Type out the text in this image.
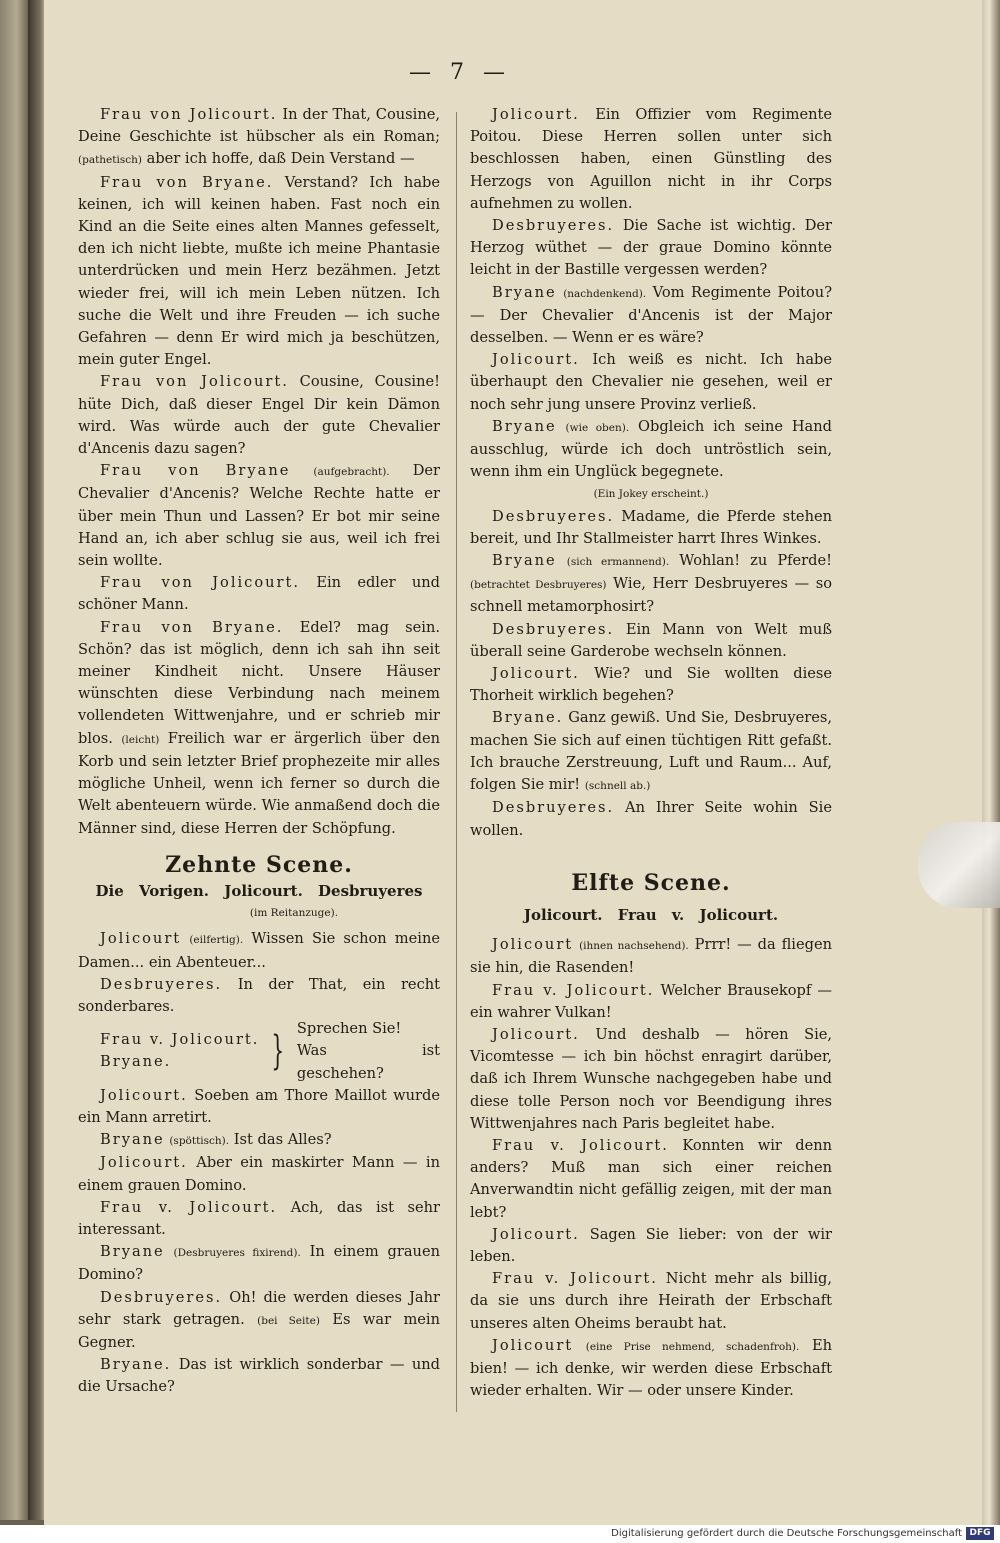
— 7 —

Frau von Jolicourt. In der That, Cousine, Deine Geschichte ist hübscher als ein Roman; (pathetisch) aber ich hoffe, daß Dein Verstand —

Frau von Bryane. Verstand? Ich habe keinen, ich will keinen haben. Fast noch ein Kind an die Seite eines alten Mannes gefesselt, den ich nicht liebte, mußte ich meine Phantasie unterdrücken und mein Herz bezähmen. Jetzt wieder frei, will ich mein Leben nützen. Ich suche die Welt und ihre Freuden — ich suche Gefahren — denn Er wird mich ja beschützen, mein guter Engel.

Frau von Jolicourt. Cousine, Cousine! hüte Dich, daß dieser Engel Dir kein Dämon wird. Was würde auch der gute Chevalier d'Ancenis dazu sagen?

Frau von Bryane (aufgebracht). Der Chevalier d'Ancenis? Welche Rechte hatte er über mein Thun und Lassen? Er bot mir seine Hand an, ich aber schlug sie aus, weil ich frei sein wollte.

Frau von Jolicourt. Ein edler und schöner Mann.

Frau von Bryane. Edel? mag sein. Schön? das ist möglich, denn ich sah ihn seit meiner Kindheit nicht. Unsere Häuser wünschten diese Verbindung nach meinem vollendeten Wittwenjahre, und er schrieb mir blos. (leicht) Freilich war er ärgerlich über den Korb und sein letzter Brief prophezeite mir alles mögliche Unheil, wenn ich ferner so durch die Welt abenteuern würde. Wie anmaßend doch die Männer sind, diese Herren der Schöpfung.

Zehnte Scene.

Die Vorigen. Jolicourt. Desbruyeres

(im Reitanzuge).

Jolicourt (eilfertig). Wissen Sie schon meine Damen... ein Abenteuer...

Desbruyeres. In der That, ein recht sonderbares.

Frau v. Jolicourt.

Bryane.	} Sprechen Sie!

Was ist geschehen?

Jolicourt. Soeben am Thore Maillot wurde ein Mann arretirt.

Bryane (spöttisch). Ist das Alles?

Jolicourt. Aber ein maskirter Mann — in einem grauen Domino.

Frau v. Jolicourt. Ach, das ist sehr interessant.

Bryane (Desbruyeres fixirend). In einem grauen Domino?

Desbruyeres. Oh! die werden dieses Jahr sehr stark getragen. (bei Seite) Es war mein Gegner.

Bryane. Das ist wirklich sonderbar — und die Ursache?

Jolicourt. Ein Offizier vom Regimente Poitou. Diese Herren sollen unter sich beschlossen haben, einen Günstling des Herzogs von Aguillon nicht in ihr Corps aufnehmen zu wollen.

Desbruyeres. Die Sache ist wichtig. Der Herzog wüthet — der graue Domino könnte leicht in der Bastille vergessen werden?

Bryane (nachdenkend). Vom Regimente Poitou? — Der Chevalier d'Ancenis ist der Major desselben. — Wenn er es wäre?

Jolicourt. Ich weiß es nicht. Ich habe überhaupt den Chevalier nie gesehen, weil er noch sehr jung unsere Provinz verließ.

Bryane (wie oben). Obgleich ich seine Hand ausschlug, würde ich doch untröstlich sein, wenn ihm ein Unglück begegnete.

(Ein Jokey erscheint.)

Desbruyeres. Madame, die Pferde stehen bereit, und Ihr Stallmeister harrt Ihres Winkes.

Bryane (sich ermannend). Wohlan! zu Pferde! (betrachtet Desbruyeres) Wie, Herr Desbruyeres — so schnell metamorphosirt?

Desbruyeres. Ein Mann von Welt muß überall seine Garderobe wechseln können.

Jolicourt. Wie? und Sie wollten diese Thorheit wirklich begehen?

Bryane. Ganz gewiß. Und Sie, Desbruyeres, machen Sie sich auf einen tüchtigen Ritt gefaßt. Ich brauche Zerstreuung, Luft und Raum... Auf, folgen Sie mir! (schnell ab.)

Desbruyeres. An Ihrer Seite wohin Sie wollen.

Elfte Scene.

Jolicourt. Frau v. Jolicourt.

Jolicourt (ihnen nachsehend). Prrr! — da fliegen sie hin, die Rasenden!

Frau v. Jolicourt. Welcher Brausekopf — ein wahrer Vulkan!

Jolicourt. Und deshalb — hören Sie, Vicomtesse — ich bin höchst enragirt darüber, daß ich Ihrem Wunsche nachgegeben habe und diese tolle Person noch vor Beendigung ihres Wittwenjahres nach Paris begleitet habe.

Frau v. Jolicourt. Konnten wir denn anders? Muß man sich einer reichen Anverwandtin nicht gefällig zeigen, mit der man lebt?

Jolicourt. Sagen Sie lieber: von der wir leben.

Frau v. Jolicourt. Nicht mehr als billig, da sie uns durch ihre Heirath der Erbschaft unseres alten Oheims beraubt hat.

Jolicourt (eine Prise nehmend, schadenfroh). Eh bien! — ich denke, wir werden diese Erbschaft wieder erhalten. Wir — oder unsere Kinder.

Digitalisierung gefördert durch die Deutsche Forschungsgemeinschaft DFG
